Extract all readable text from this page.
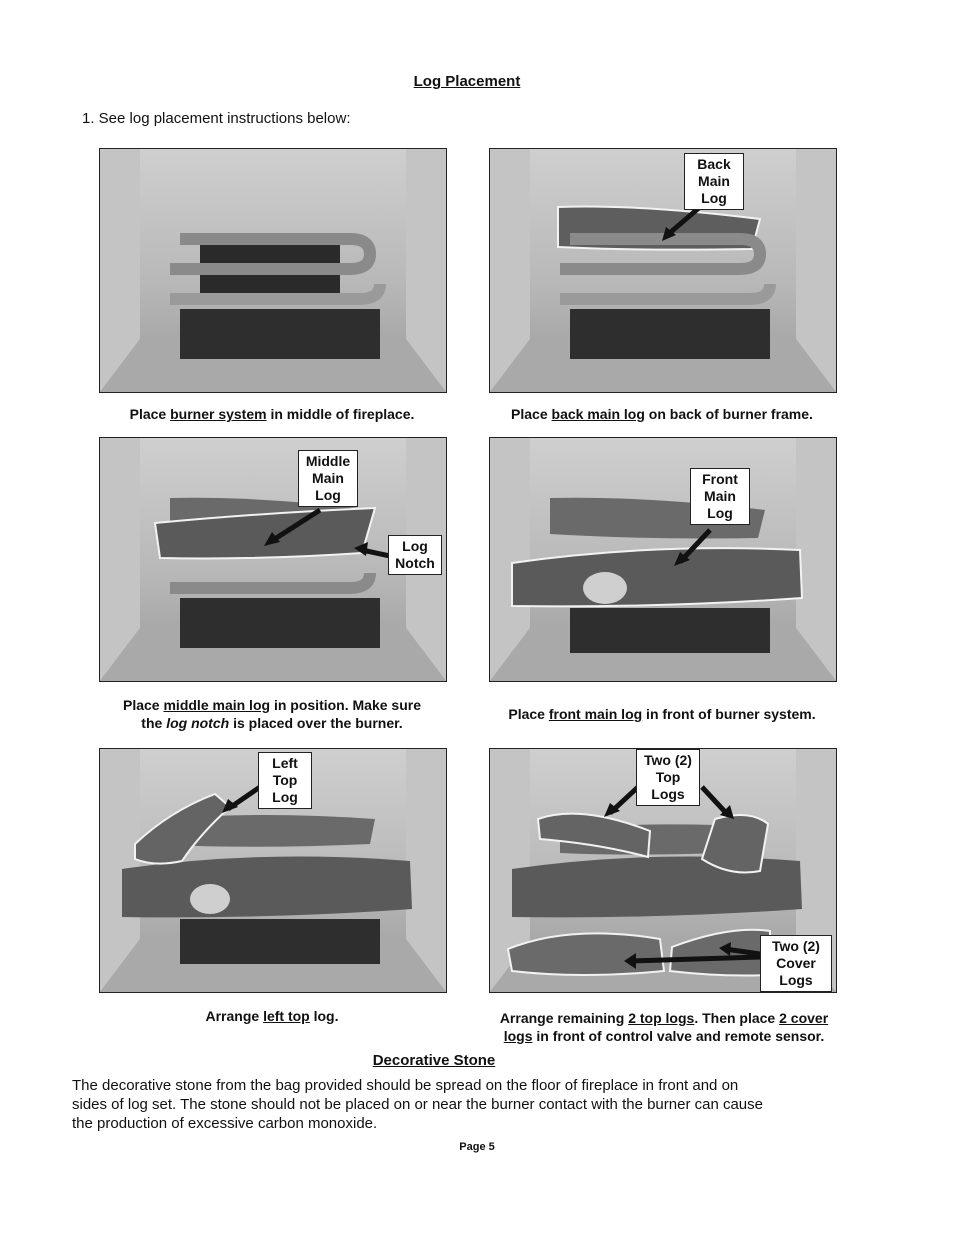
Log Placement
1. See log placement instructions below:
Back
Main
Log
Place burner system in middle of fireplace.	Place back main log on back of burner frame.
Middle
Main
Log
Log
Notch
Front
Main
Log
Place middle main log in position. Make sure
the log notch is placed over the burner.
Place front main log in front of burner system.
Left
Top
Log
Two (2)
Top
Logs
Two (2)
Cover
Logs
Arrange left top log.	Arrange remaining 2 top logs. Then place 2 cover
logs in front of control valve and remote sensor.
Decorative Stone
The decorative stone from the bag provided should be spread on the floor of fireplace in front and on sides of log set. The stone should not be placed on or near the burner contact with the burner can cause the production of excessive carbon monoxide.
Page 5
